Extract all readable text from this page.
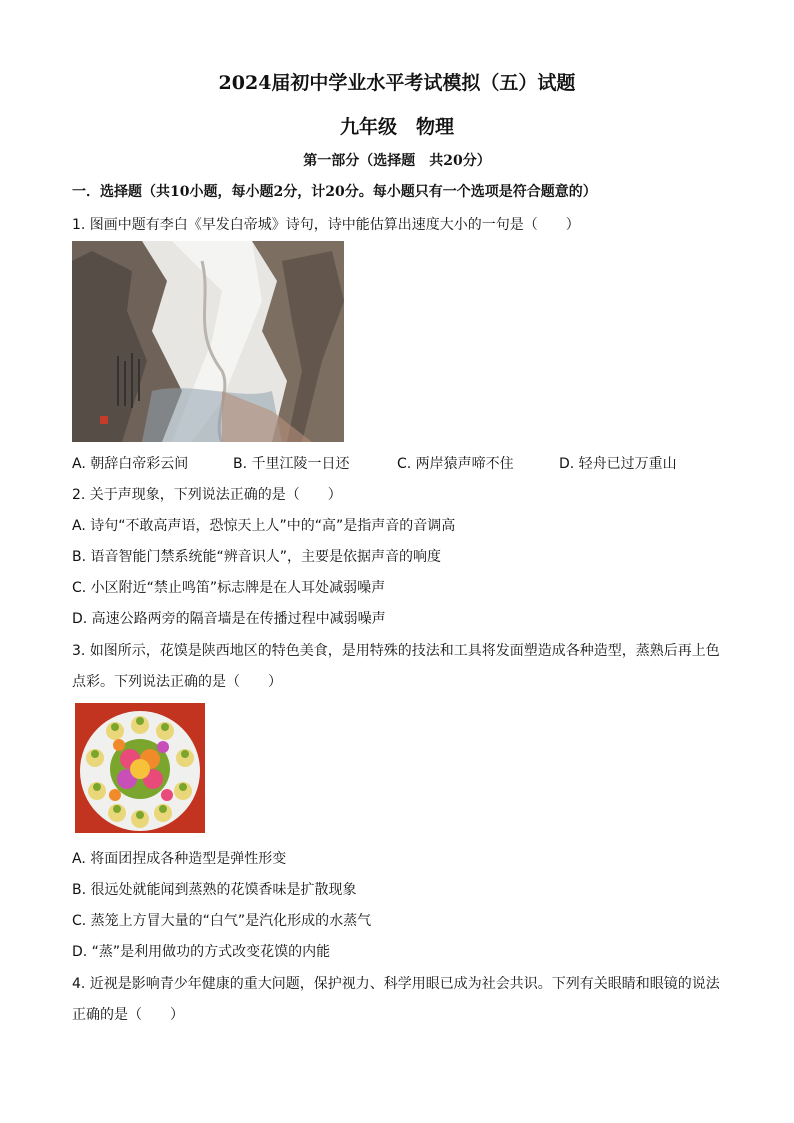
2024届初中学业水平考试模拟（五）试题
九年级　物理
第一部分（选择题　共20分）
一．选择题（共10小题，每小题2分，计20分。每小题只有一个选项是符合题意的）
1. 图画中题有李白《早发白帝城》诗句，诗中能估算出速度大小的一句是（　　）
A. 朝辞白帝彩云间	B. 千里江陵一日还	C. 两岸猿声啼不住	D. 轻舟已过万重山
2. 关于声现象，下列说法正确的是（　　）
A. 诗句“不敢高声语，恐惊天上人”中的“高”是指声音的音调高
B. 语音智能门禁系统能“辨音识人”，主要是依据声音的响度
C. 小区附近“禁止鸣笛”标志牌是在人耳处减弱噪声
D. 高速公路两旁的隔音墙是在传播过程中减弱噪声
3. 如图所示，花馍是陕西地区的特色美食，是用特殊的技法和工具将发面塑造成各种造型，蒸熟后再上色
点彩。下列说法正确的是（　　）
A. 将面团捏成各种造型是弹性形变
B. 很远处就能闻到蒸熟的花馍香味是扩散现象
C. 蒸笼上方冒大量的“白气”是汽化形成的水蒸气
D. “蒸”是利用做功的方式改变花馍的内能
4. 近视是影响青少年健康的重大问题，保护视力、科学用眼已成为社会共识。下列有关眼睛和眼镜的说法
正确的是（　　）
